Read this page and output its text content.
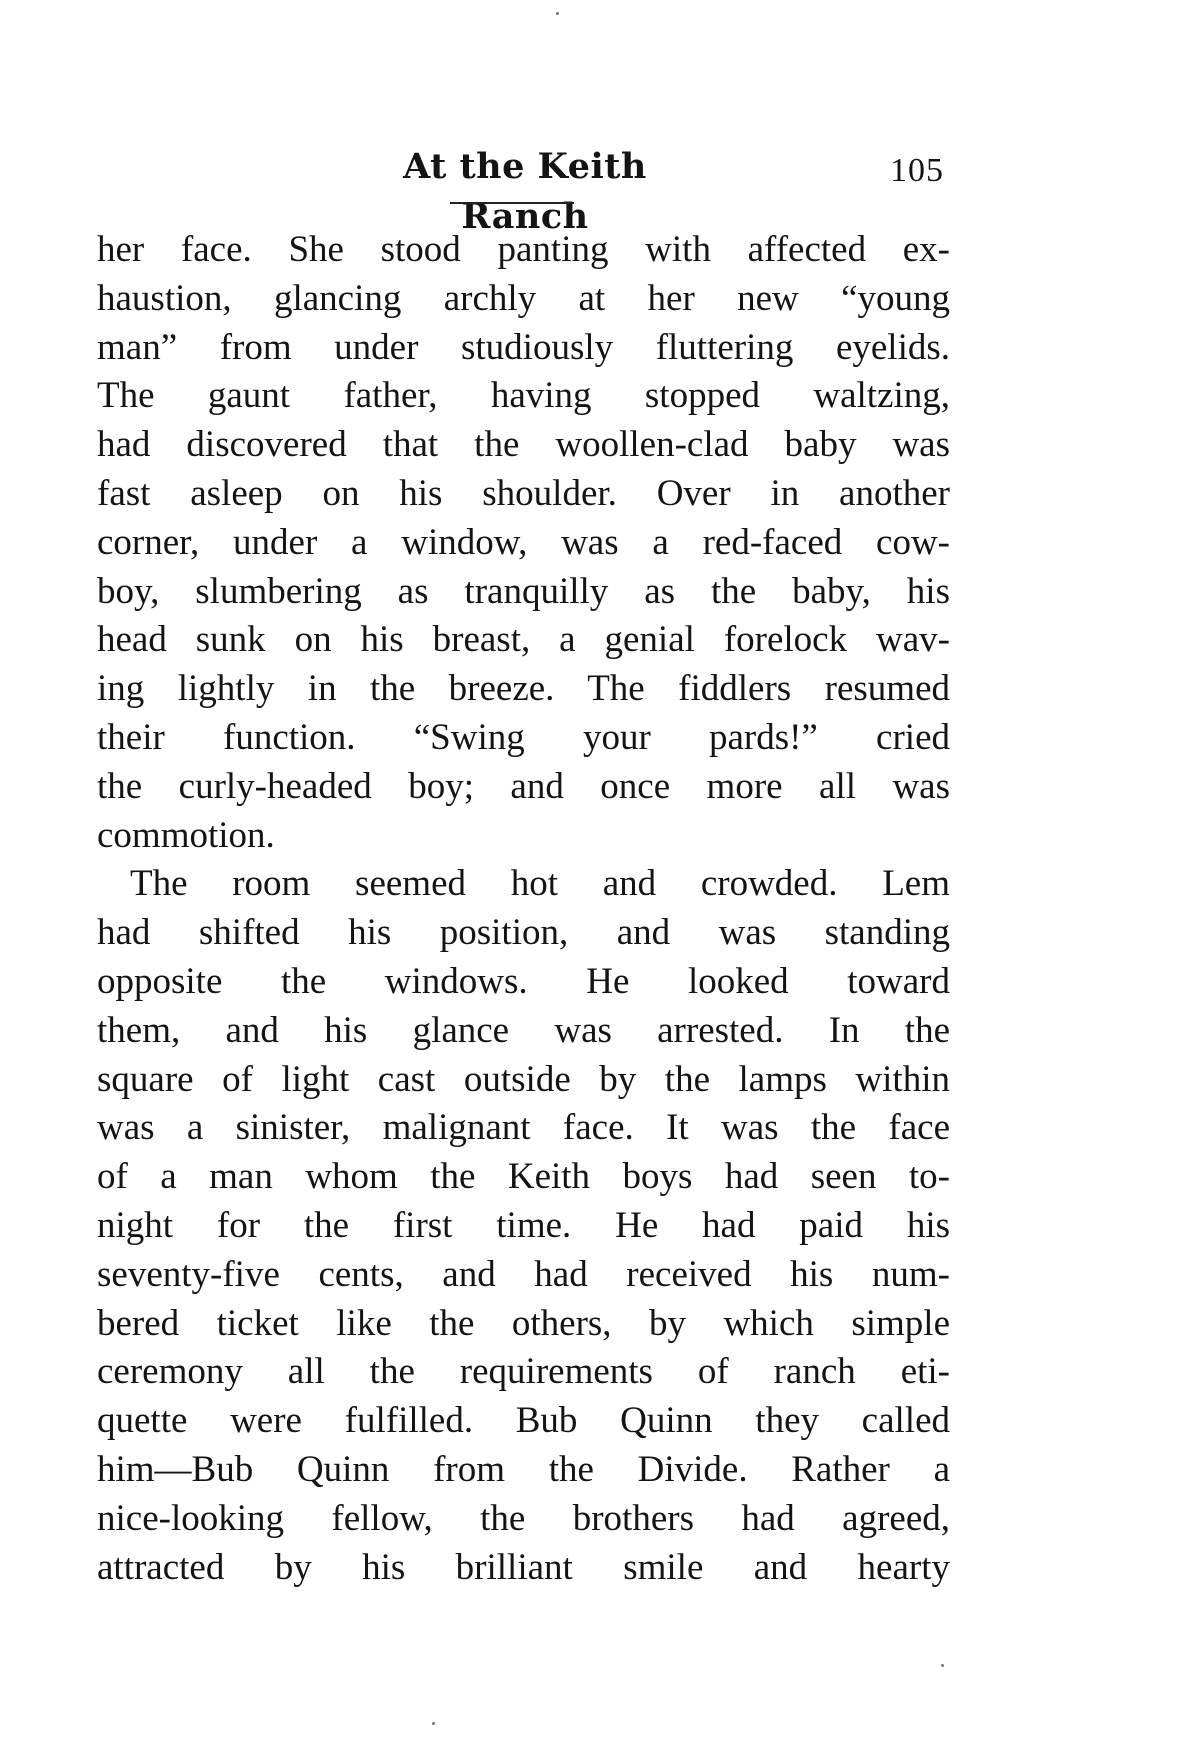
At the Keith Ranch
105
her face. She stood panting with affected ex-
haustion, glancing archly at her new “young
man” from under studiously fluttering eyelids.
The gaunt father, having stopped waltzing,
had discovered that the woollen-clad baby was
fast asleep on his shoulder. Over in another
corner, under a window, was a red-faced cow-
boy, slumbering as tranquilly as the baby, his
head sunk on his breast, a genial forelock wav-
ing lightly in the breeze. The fiddlers resumed
their function. “Swing your pards!” cried
the curly-headed boy; and once more all was
commotion.
The room seemed hot and crowded. Lem
had shifted his position, and was standing
opposite the windows. He looked toward
them, and his glance was arrested. In the
square of light cast outside by the lamps within
was a sinister, malignant face. It was the face
of a man whom the Keith boys had seen to-
night for the first time. He had paid his
seventy-five cents, and had received his num-
bered ticket like the others, by which simple
ceremony all the requirements of ranch eti-
quette were fulfilled. Bub Quinn they called
him—Bub Quinn from the Divide. Rather a
nice-looking fellow, the brothers had agreed,
attracted by his brilliant smile and hearty
